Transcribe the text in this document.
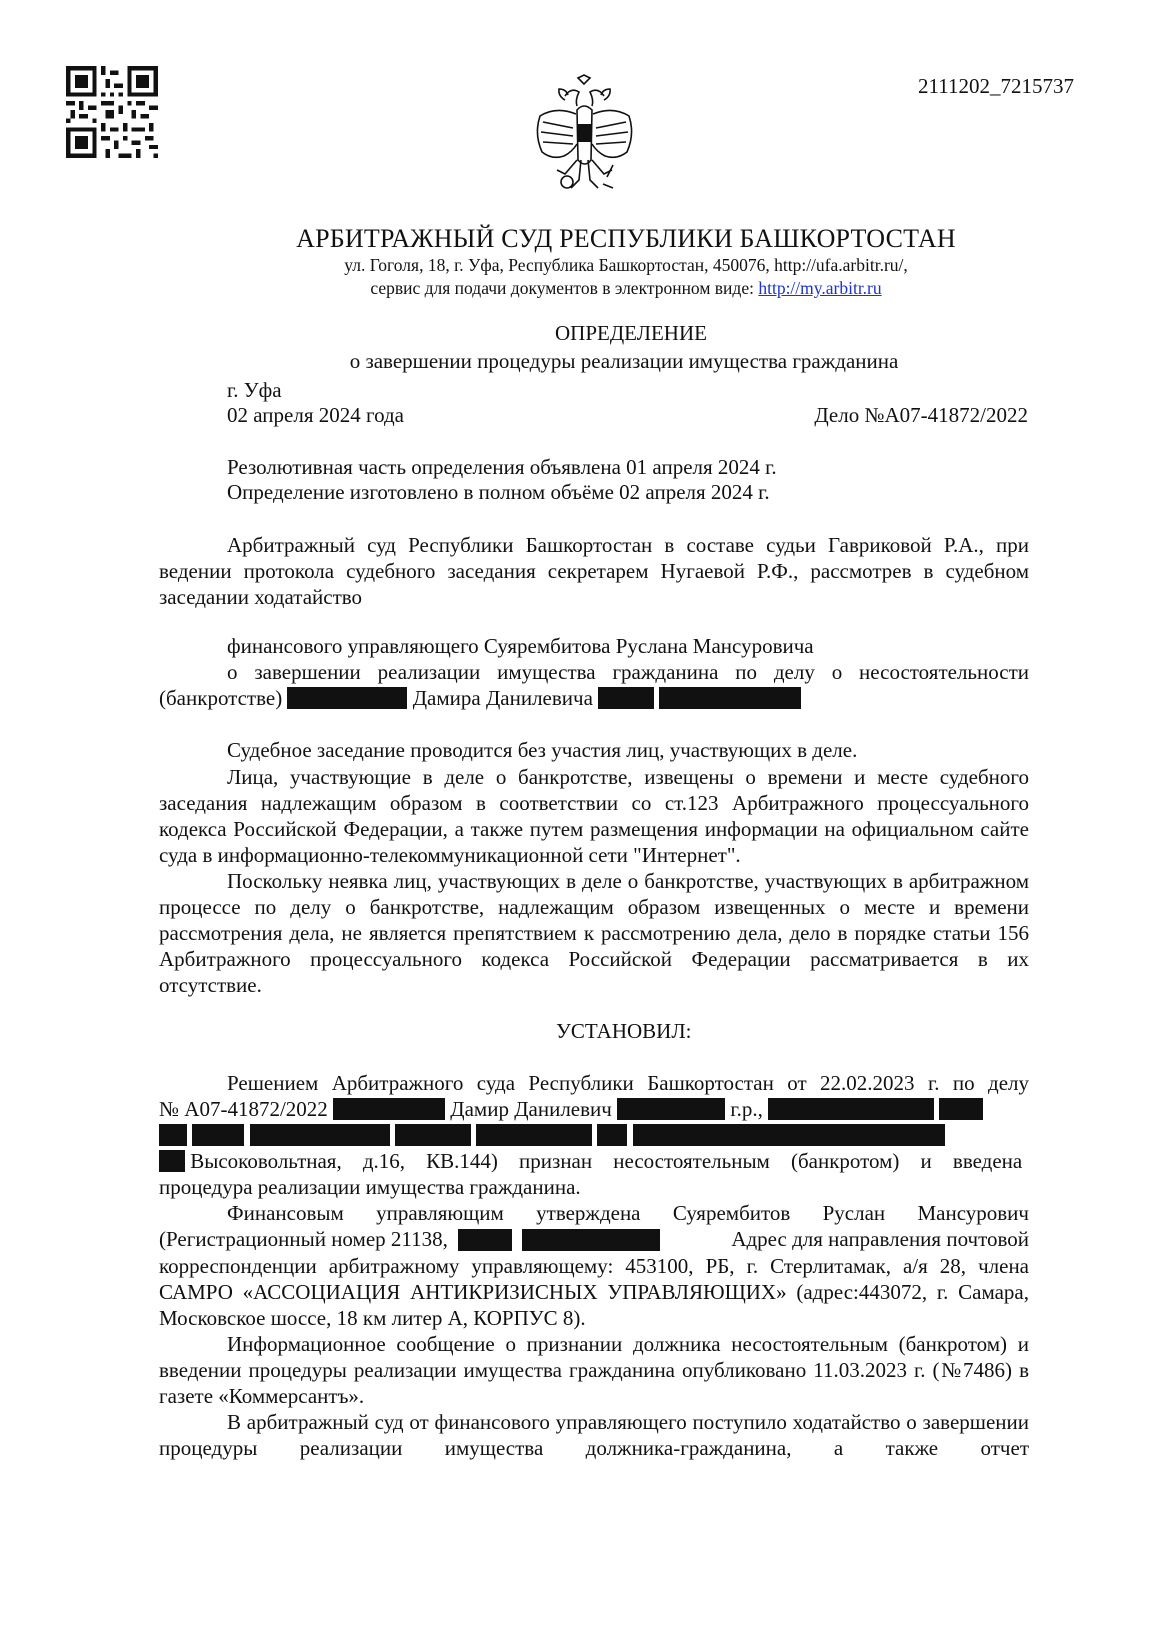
2111202_7215737
АРБИТРАЖНЫЙ СУД РЕСПУБЛИКИ БАШКОРТОСТАН
ул. Гоголя, 18, г. Уфа, Республика Башкортостан, 450076, http://ufa.arbitr.ru/,
сервис для подачи документов в электронном виде: http://my.arbitr.ru
ОПРЕДЕЛЕНИЕ
о завершении процедуры реализации имущества гражданина
г. Уфа
02 апреля 2024 года	Дело №А07-41872/2022
Резолютивная часть определения объявлена 01 апреля 2024 г.
Определение изготовлено в полном объёме 02 апреля 2024 г.
Арбитражный суд Республики Башкортостан в составе судьи Гавриковой Р.А., при ведении протокола судебного заседания секретарем Нугаевой Р.Ф., рассмотрев в судебном заседании ходатайство
финансового управляющего Суярембитова Руслана Мансуровича
о завершении реализации имущества гражданина по делу о несостоятельности
(банкротстве)	Дамира Данилевича
Судебное заседание проводится без участия лиц, участвующих в деле.
Лица, участвующие в деле о банкротстве, извещены о времени и месте судебного заседания надлежащим образом в соответствии со ст.123 Арбитражного процессуального кодекса Российской Федерации, а также путем размещения информации на официальном сайте суда в информационно-телекоммуникационной сети "Интернет".
Поскольку неявка лиц, участвующих в деле о банкротстве, участвующих в арбитражном процессе по делу о банкротстве, надлежащим образом извещенных о месте и времени рассмотрения дела, не является препятствием к рассмотрению дела, дело в порядке статьи 156 Арбитражного процессуального кодекса Российской Федерации рассматривается в их отсутствие.
УСТАНОВИЛ:
Решением Арбитражного суда Республики Башкортостан от 22.02.2023 г. по делу
№ А07-41872/2022	Дамир Данилевич	г.р.,

Высоковольтная, д.16, КВ.144) признан несостоятельным (банкротом) и введена
процедура реализации имущества гражданина.
Финансовым управляющим утверждена Суярембитов Руслан Мансурович
(Регистрационный номер 21138,	Адрес для направления почтовой
корреспонденции арбитражному управляющему: 453100, РБ, г. Стерлитамак, а/я 28, члена САМРО «АССОЦИАЦИЯ АНТИКРИЗИСНЫХ УПРАВЛЯЮЩИХ» (адрес:443072, г. Самара, Московское шоссе, 18 км литер А, КОРПУС 8).
Информационное сообщение о признании должника несостоятельным (банкротом) и введении процедуры реализации имущества гражданина опубликовано 11.03.2023 г. (№7486) в газете «Коммерсантъ».
В арбитражный суд от финансового управляющего поступило ходатайство о завершении процедуры реализации имущества должника-гражданина, а также отчет
